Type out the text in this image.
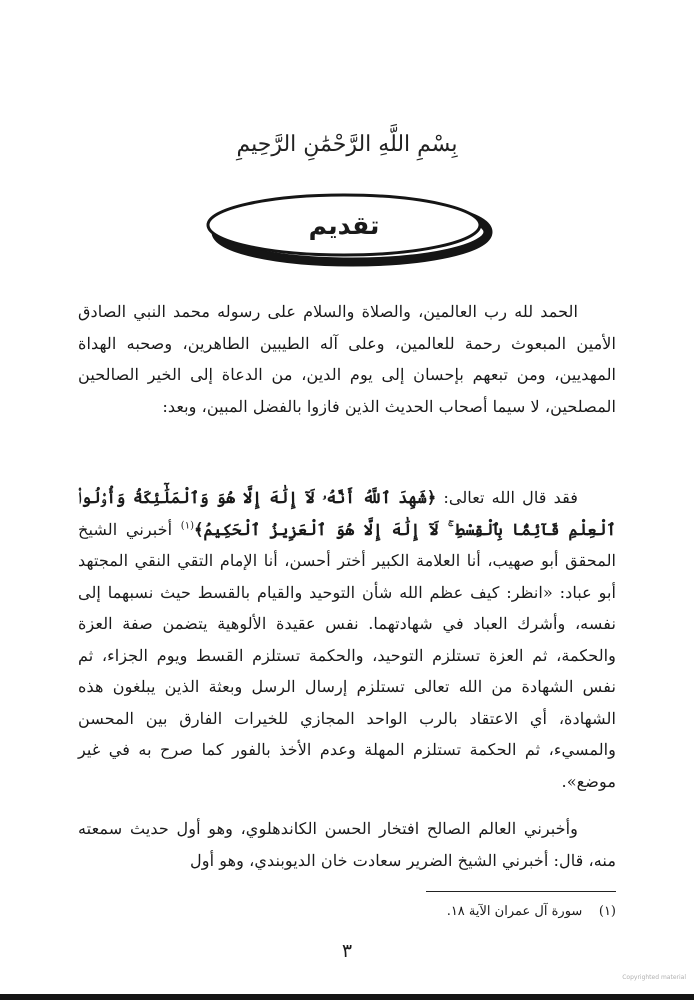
بِسْمِ اللَّهِ الرَّحْمَٰنِ الرَّحِيمِ
تقديم

الحمد لله رب العالمين، والصلاة والسلام على رسوله محمد النبي الصادق الأمين المبعوث رحمة للعالمين، وعلى آله الطيبين الطاهرين، وصحبه الهداة المهديين، ومن تبعهم بإحسان إلى يوم الدين، من الدعاة إلى الخير الصالحين المصلحين، لا سيما أصحاب الحديث الذين فازوا بالفضل المبين، وبعد:

فقد قال الله تعالى: ﴿شَهِدَ ٱللَّهُ أَنَّهُۥ لَآ إِلَٰهَ إِلَّا هُوَ وَٱلْمَلَٰٓئِكَةُ وَأُو۟لُوا۟ ٱلْعِلْمِ قَآئِمًۢا بِٱلْقِسْطِ ۚ لَآ إِلَٰهَ إِلَّا هُوَ ٱلْعَزِيزُ ٱلْحَكِيمُ﴾$^{(١)}$ أخبرني الشيخ المحقق أبو صهيب، أنا العلامة الكبير أختر أحسن، أنا الإمام التقي النقي المجتهد أبو عباد: «انظر: كيف عظم الله شأن التوحيد والقيام بالقسط حيث نسبهما إلى نفسه، وأشرك العباد في شهادتهما. نفس عقيدة الألوهية يتضمن صفة العزة والحكمة، ثم العزة تستلزم التوحيد، والحكمة تستلزم القسط ويوم الجزاء، ثم نفس الشهادة من الله تعالى تستلزم إرسال الرسل وبعثة الذين يبلغون هذه الشهادة، أي الاعتقاد بالرب الواحد المجازي للخيرات الفارق بين المحسن والمسيء، ثم الحكمة تستلزم المهلة وعدم الأخذ بالفور كما صرح به في غير موضع».

وأخبرني العالم الصالح افتخار الحسن الكاندهلوي، وهو أول حديث سمعته منه، قال: أخبرني الشيخ الضرير سعادت خان الديوبندي، وهو أول

(١)    سورة آل عمران الآية ١٨.
٣
Copyrighted material
